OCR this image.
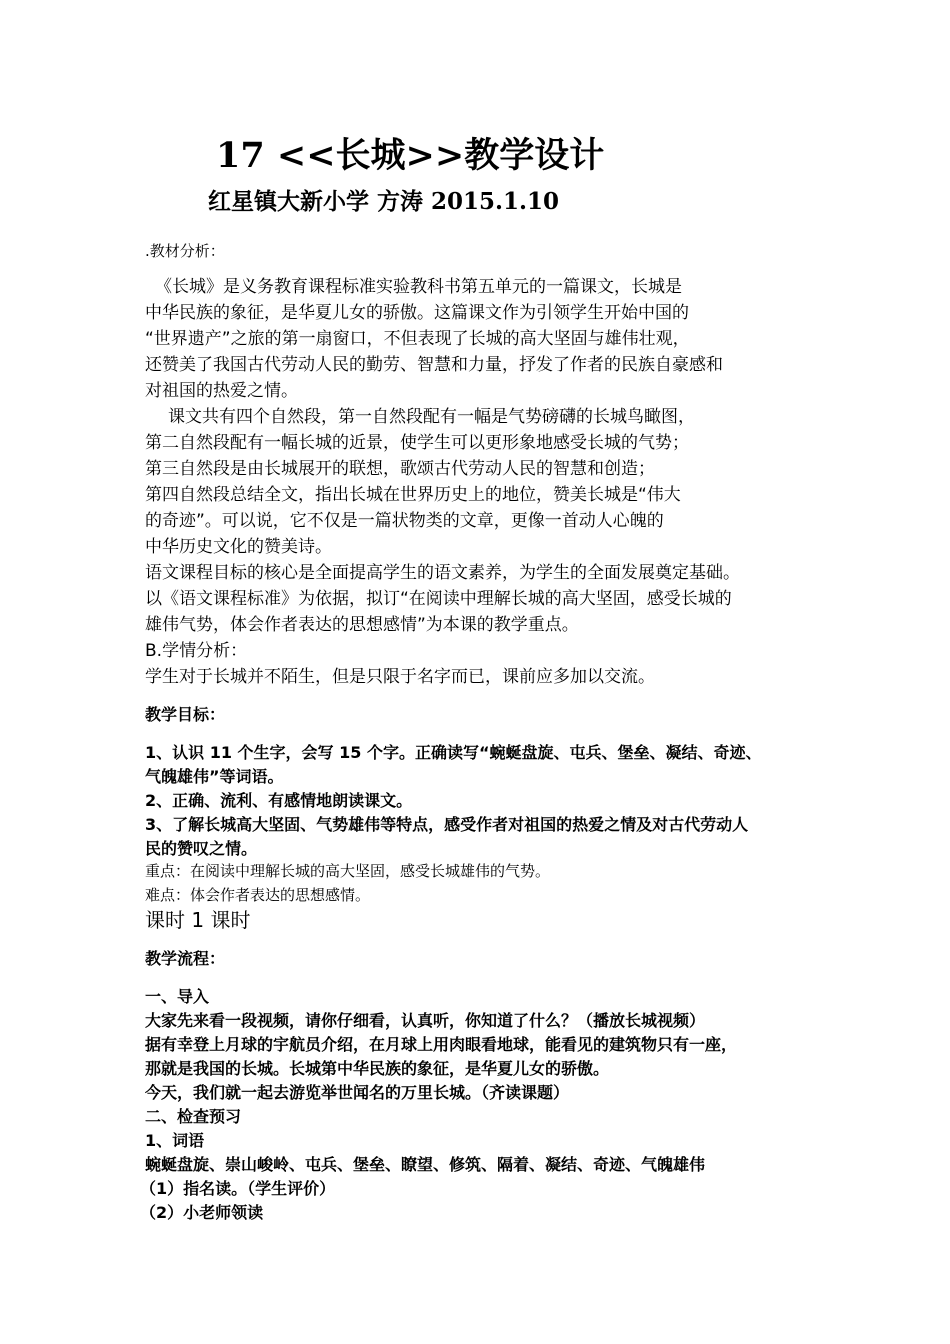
17 <<长城>>教学设计
红星镇大新小学 方涛 2015.1.10
.教材分析：
《长城》是义务教育课程标准实验教科书第五单元的一篇课文，长城是
中华民族的象征，是华夏儿女的骄傲。这篇课文作为引领学生开始中国的
“世界遗产”之旅的第一扇窗口，不但表现了长城的高大坚固与雄伟壮观，
还赞美了我国古代劳动人民的勤劳、智慧和力量，抒发了作者的民族自豪感和
对祖国的热爱之情。
课文共有四个自然段，第一自然段配有一幅是气势磅礴的长城鸟瞰图，
第二自然段配有一幅长城的近景，使学生可以更形象地感受长城的气势；
第三自然段是由长城展开的联想，歌颂古代劳动人民的智慧和创造；
第四自然段总结全文，指出长城在世界历史上的地位，赞美长城是“伟大
的奇迹”。可以说，它不仅是一篇状物类的文章，更像一首动人心魄的
中华历史文化的赞美诗。
语文课程目标的核心是全面提高学生的语文素养，为学生的全面发展奠定基础。
以《语文课程标准》为依据，拟订“在阅读中理解长城的高大坚固，感受长城的
雄伟气势，体会作者表达的思想感情”为本课的教学重点。
B.学情分析：
学生对于长城并不陌生，但是只限于名字而已，课前应多加以交流。
教学目标：
1、认识 11 个生字，会写 15 个字。正确读写“蜿蜒盘旋、屯兵、堡垒、凝结、奇迹、
气魄雄伟”等词语。
2、正确、流利、有感情地朗读课文。
3、了解长城高大坚固、气势雄伟等特点，感受作者对祖国的热爱之情及对古代劳动人
民的赞叹之情。
重点：在阅读中理解长城的高大坚固，感受长城雄伟的气势。
难点：体会作者表达的思想感情。
课时 1 课时
教学流程：
一、导入
大家先来看一段视频，请你仔细看，认真听，你知道了什么？（播放长城视频）
据有幸登上月球的宇航员介绍，在月球上用肉眼看地球，能看见的建筑物只有一座，
那就是我国的长城。长城第中华民族的象征，是华夏儿女的骄傲。
今天，我们就一起去游览举世闻名的万里长城。（齐读课题）
二、检查预习
1、词语
蜿蜒盘旋、崇山峻岭、屯兵、堡垒、瞭望、修筑、隔着、凝结、奇迹、气魄雄伟
（1）指名读。（学生评价）
（2）小老师领读
